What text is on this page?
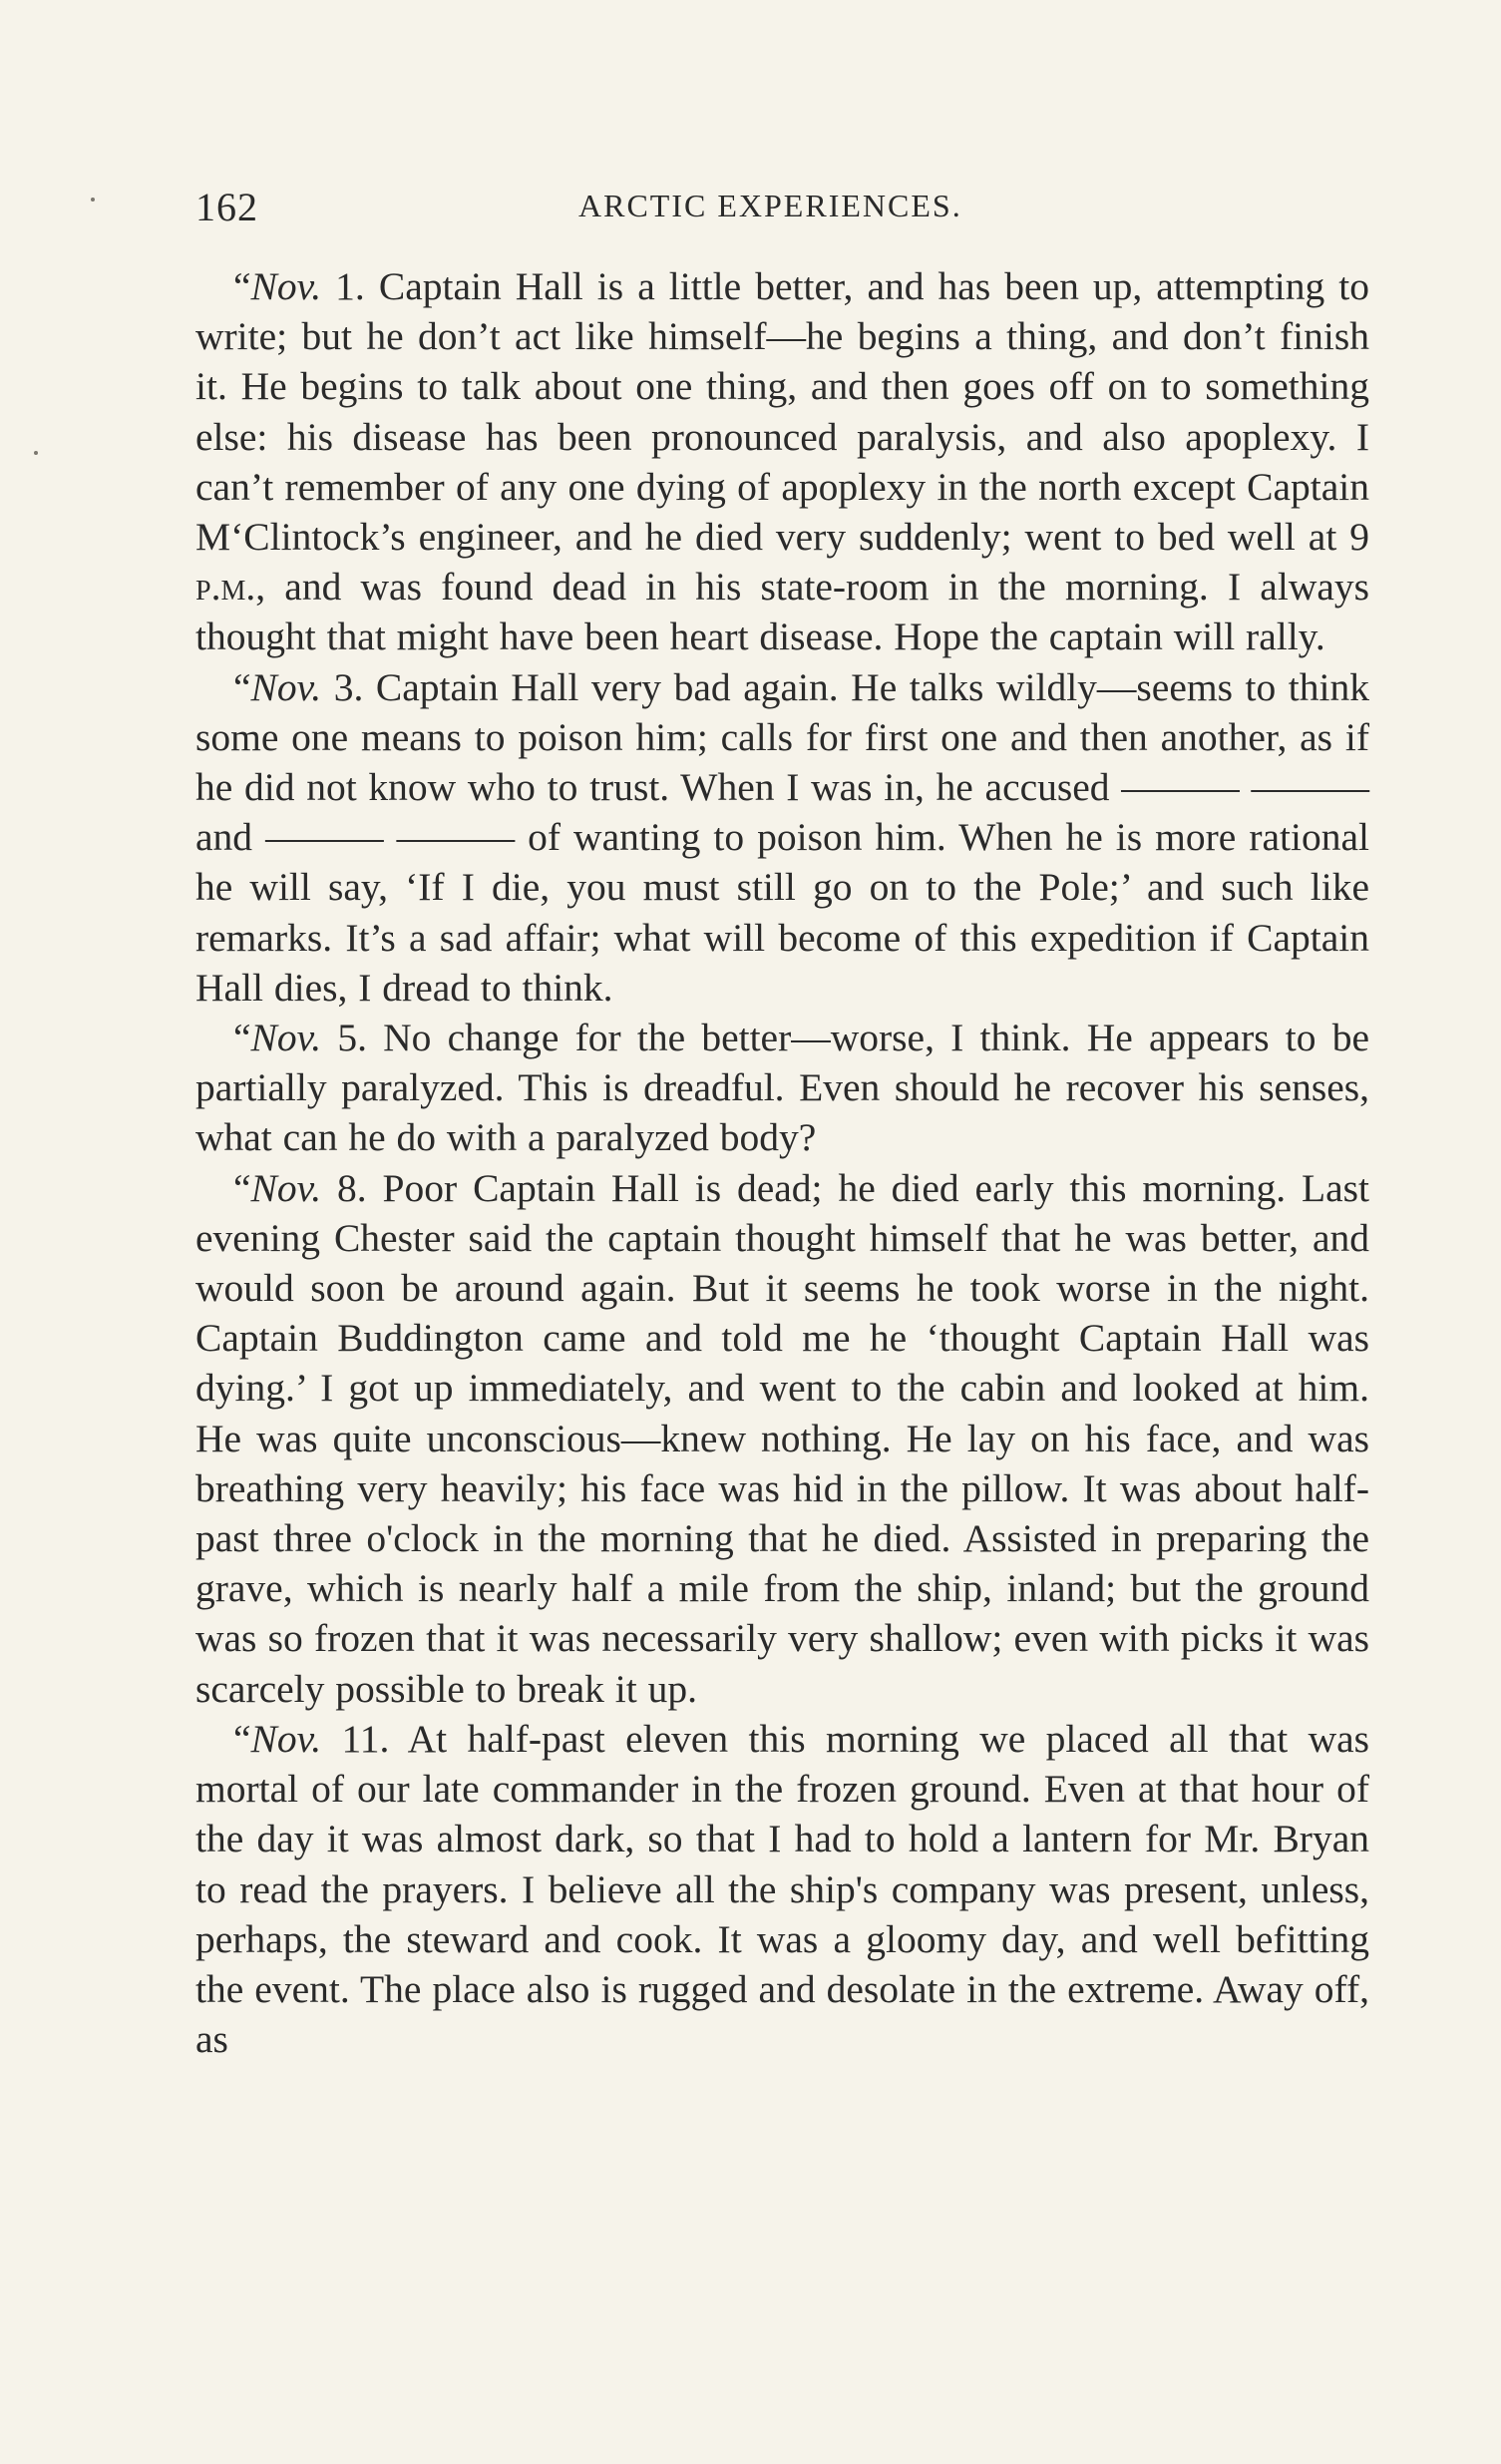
162	ARCTIC EXPERIENCES.

“Nov. 1. Captain Hall is a little better, and has been up, attempting to write; but he don’t act like himself—he begins a thing, and don’t finish it. He begins to talk about one thing, and then goes off on to something else: his disease has been pronounced paralysis, and also apoplexy. I can’t remember of any one dying of apoplexy in the north except Captain M‘Clintock’s engineer, and he died very suddenly; went to bed well at 9 p.m., and was found dead in his state-room in the morning. I always thought that might have been heart disease. Hope the captain will rally.

“Nov. 3. Captain Hall very bad again. He talks wildly—seems to think some one means to poison him; calls for first one and then another, as if he did not know who to trust. When I was in, he accused ——— ——— and ——— ——— of wanting to poison him. When he is more rational he will say, ‘If I die, you must still go on to the Pole;’ and such like remarks. It’s a sad affair; what will become of this expedition if Captain Hall dies, I dread to think.

“Nov. 5. No change for the better—worse, I think. He appears to be partially paralyzed. This is dreadful. Even should he recover his senses, what can he do with a paralyzed body?

“Nov. 8. Poor Captain Hall is dead; he died early this morning. Last evening Chester said the captain thought himself that he was better, and would soon be around again. But it seems he took worse in the night. Captain Buddington came and told me he ‘thought Captain Hall was dying.’ I got up immediately, and went to the cabin and looked at him. He was quite unconscious—knew nothing. He lay on his face, and was breathing very heavily; his face was hid in the pillow. It was about half-past three o'clock in the morning that he died. Assisted in preparing the grave, which is nearly half a mile from the ship, inland; but the ground was so frozen that it was necessarily very shallow; even with picks it was scarcely possible to break it up.

“Nov. 11. At half-past eleven this morning we placed all that was mortal of our late commander in the frozen ground. Even at that hour of the day it was almost dark, so that I had to hold a lantern for Mr. Bryan to read the prayers. I believe all the ship's company was present, unless, perhaps, the steward and cook. It was a gloomy day, and well befitting the event. The place also is rugged and desolate in the extreme. Away off, as
